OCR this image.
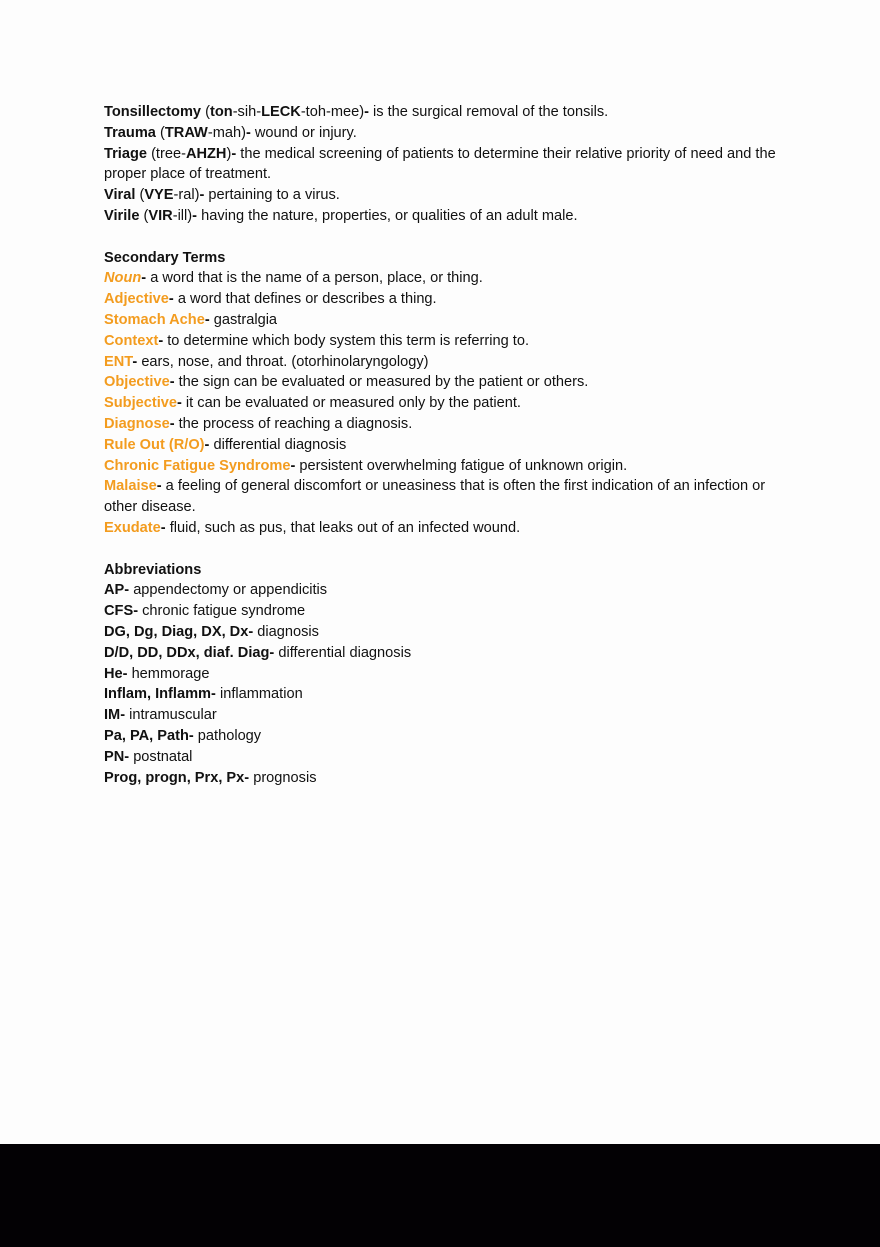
Tonsillectomy (ton-sih-LECK-toh-mee)- is the surgical removal of the tonsils.
Trauma (TRAW-mah)- wound or injury.
Triage (tree-AHZH)- the medical screening of patients to determine their relative priority of need and the proper place of treatment.
Viral (VYE-ral)- pertaining to a virus.
Virile (VIR-ill)- having the nature, properties, or qualities of an adult male.
Secondary Terms
Noun- a word that is the name of a person, place, or thing.
Adjective- a word that defines or describes a thing.
Stomach Ache- gastralgia
Context- to determine which body system this term is referring to.
ENT- ears, nose, and throat. (otorhinolaryngology)
Objective- the sign can be evaluated or measured by the patient or others.
Subjective- it can be evaluated or measured only by the patient.
Diagnose- the process of reaching a diagnosis.
Rule Out (R/O)- differential diagnosis
Chronic Fatigue Syndrome- persistent overwhelming fatigue of unknown origin.
Malaise- a feeling of general discomfort or uneasiness that is often the first indication of an infection or other disease.
Exudate- fluid, such as pus, that leaks out of an infected wound.
Abbreviations
AP- appendectomy or appendicitis
CFS- chronic fatigue syndrome
DG, Dg, Diag, DX, Dx- diagnosis
D/D, DD, DDx, diaf. Diag- differential diagnosis
He- hemmorage
Inflam, Inflamm- inflammation
IM- intramuscular
Pa, PA, Path- pathology
PN- postnatal
Prog, progn, Prx, Px- prognosis
